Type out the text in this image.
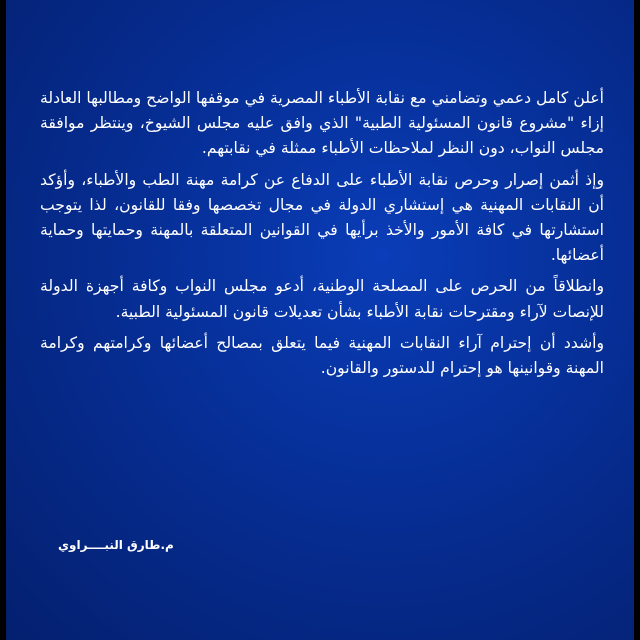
أعلن كامل دعمي وتضامني مع نقابة الأطباء المصرية في موقفها الواضح ومطالبها العادلة إزاء "مشروع قانون المسئولية الطبية" الذي وافق عليه مجلس الشيوخ، وينتظر موافقة مجلس النواب، دون النظر لملاحظات الأطباء ممثلة في نقابتهم.

وإذ أثمن إصرار وحرص نقابة الأطباء على الدفاع عن كرامة مهنة الطب والأطباء، وأؤكد أن النقابات المهنية هي إستشاري الدولة في مجال تخصصها وفقا للقانون، لذا يتوجب استشارتها في كافة الأمور والأخذ برأيها في القوانين المتعلقة بالمهنة وحمايتها وحماية أعضائها.

وانطلاقاً من الحرص على المصلحة الوطنية، أدعو مجلس النواب وكافة أجهزة الدولة للإنصات لآراء ومقترحات نقابة الأطباء بشأن تعديلات قانون المسئولية الطبية.

وأشدد أن إحترام آراء النقابات المهنية فيما يتعلق بمصالح أعضائها وكرامتهم وكرامة المهنة وقوانينها هو إحترام للدستور والقانون.

م.طارق النبــــراوي
